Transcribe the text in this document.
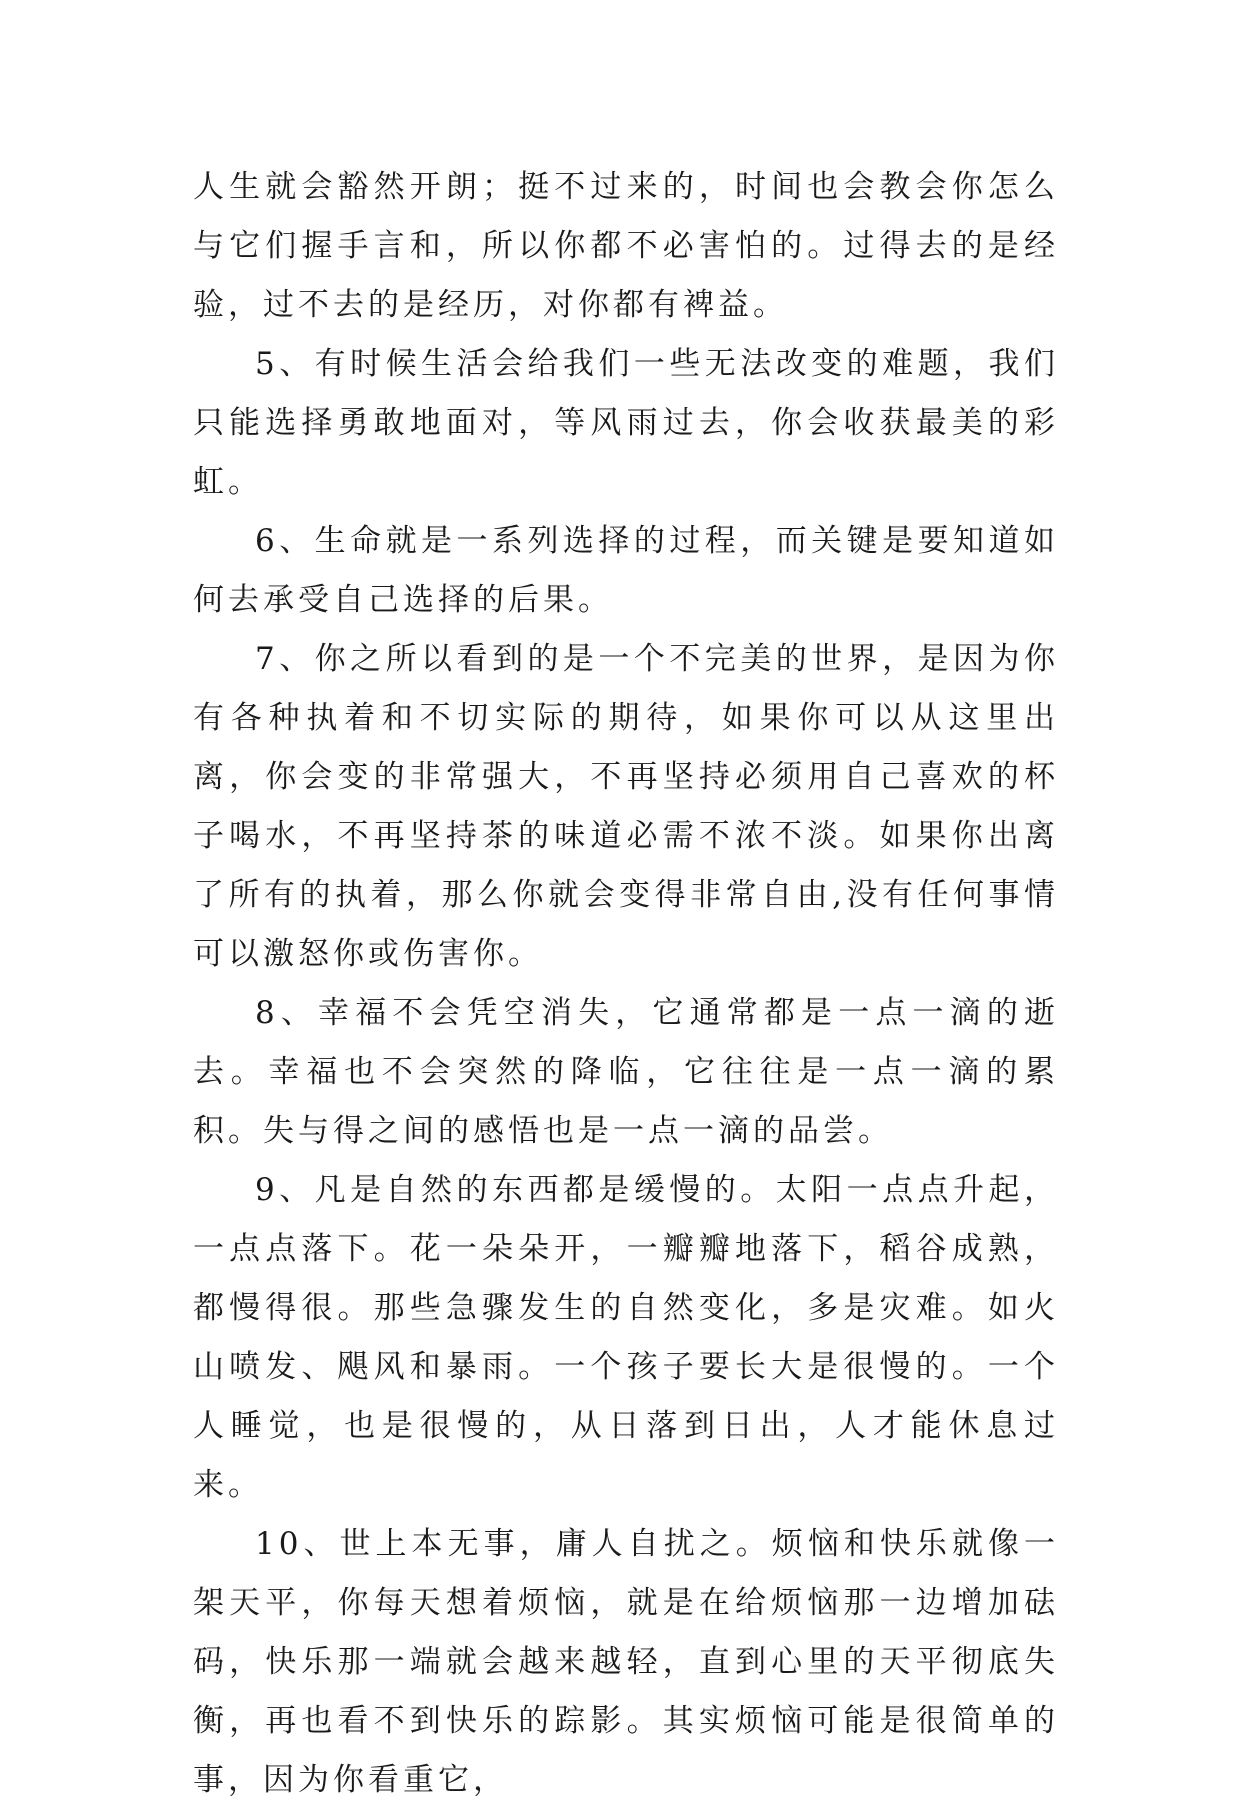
人生就会豁然开朗；挺不过来的，时间也会教会你怎么与它们握手言和，所以你都不必害怕的。过得去的是经验，过不去的是经历，对你都有裨益。

5、有时候生活会给我们一些无法改变的难题，我们只能选择勇敢地面对，等风雨过去，你会收获最美的彩虹。

6、生命就是一系列选择的过程，而关键是要知道如何去承受自己选择的后果。

7、你之所以看到的是一个不完美的世界，是因为你有各种执着和不切实际的期待，如果你可以从这里出离，你会变的非常强大，不再坚持必须用自己喜欢的杯子喝水，不再坚持茶的味道必需不浓不淡。如果你出离了所有的执着，那么你就会变得非常自由,没有任何事情可以激怒你或伤害你。

8、幸福不会凭空消失，它通常都是一点一滴的逝去。幸福也不会突然的降临，它往往是一点一滴的累积。失与得之间的感悟也是一点一滴的品尝。

9、凡是自然的东西都是缓慢的。太阳一点点升起，一点点落下。花一朵朵开，一瓣瓣地落下，稻谷成熟，都慢得很。那些急骤发生的自然变化，多是灾难。如火山喷发、飓风和暴雨。一个孩子要长大是很慢的。一个人睡觉，也是很慢的，从日落到日出，人才能休息过来。

10、世上本无事，庸人自扰之。烦恼和快乐就像一架天平，你每天想着烦恼，就是在给烦恼那一边增加砝码，快乐那一端就会越来越轻，直到心里的天平彻底失衡，再也看不到快乐的踪影。其实烦恼可能是很简单的事，因为你看重它，
